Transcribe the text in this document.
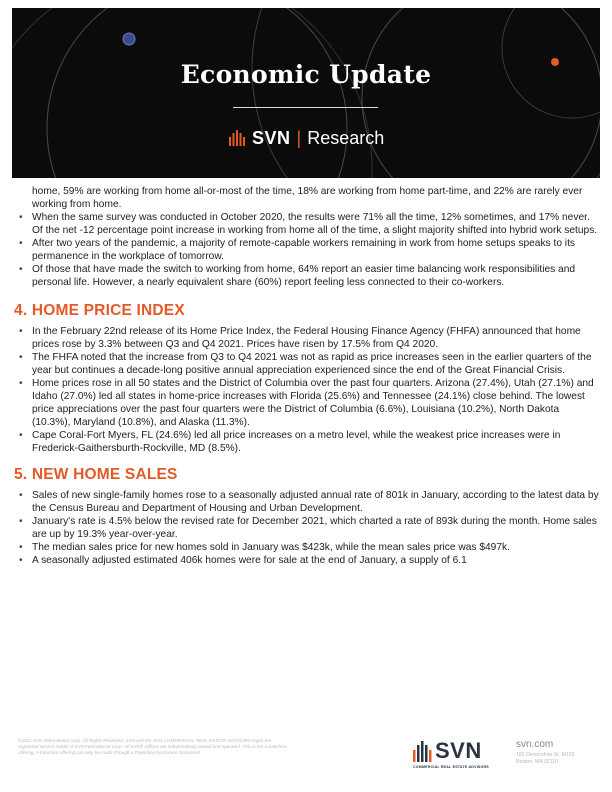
Economic Update
SVN | Research
home, 59% are working from home all-or-most of the time, 18% are working from home part-time, and 22% are rarely ever working from home.
• When the same survey was conducted in October 2020, the results were 71% all the time, 12% sometimes, and 17% never. Of the net -12 percentage point increase in working from home all of the time, a slight majority shifted into hybrid work setups.
• After two years of the pandemic, a majority of remote-capable workers remaining in work from home setups speaks to its permanence in the workplace of tomorrow.
• Of those that have made the switch to working from home, 64% report an easier time balancing work responsibilities and personal life. However, a nearly equivalent share (60%) report feeling less connected to their co-workers.
4. HOME PRICE INDEX
• In the February 22nd release of its Home Price Index, the Federal Housing Finance Agency (FHFA) announced that home prices rose by 3.3% between Q3 and Q4 2021. Prices have risen by 17.5% from Q4 2020.
• The FHFA noted that the increase from Q3 to Q4 2021 was not as rapid as price increases seen in the earlier quarters of the year but continues a decade-long positive annual appreciation experienced since the end of the Great Financial Crisis.
• Home prices rose in all 50 states and the District of Columbia over the past four quarters. Arizona (27.4%), Utah (27.1%) and Idaho (27.0%) led all states in home-price increases with Florida (25.6%) and Tennessee (24.1%) close behind. The lowest price appreciations over the past four quarters were the District of Columbia (6.6%), Louisiana (10.2%), North Dakota (10.3%), Maryland (10.8%), and Alaska (11.3%).
• Cape Coral-Fort Myers, FL (24.6%) led all price increases on a metro level, while the weakest price increases were in Frederick-Gaithersburth-Rockville, MD (8.5%).
5. NEW HOME SALES
• Sales of new single-family homes rose to a seasonally adjusted annual rate of 801k in January, according to the latest data by the Census Bureau and Department of Housing and Urban Development.
• January's rate is 4.5% below the revised rate for December 2021, which charted a rate of 893k during the month. Home sales are up by 19.3% year-over-year.
• The median sales price for new homes sold in January was $423k, while the mean sales price was $497k.
• A seasonally adjusted estimated 406k homes were for sale at the end of January, a supply of 6.1
©2022 SVN International Corp. All Rights Reserved. SVN and the SVN COMMERCIAL REAL ESTATE ADVISORS logos are registered service marks of SVN International Corp. All SVN® Offices are independently owned and operated. This is not a franchise offering. A franchise offering can only be made through a Franchise Disclosure Document.	SVN
COMMERCIAL REAL ESTATE ADVISORS
svn.com
185 Devonshire St. M102
Boston, MA 02110
